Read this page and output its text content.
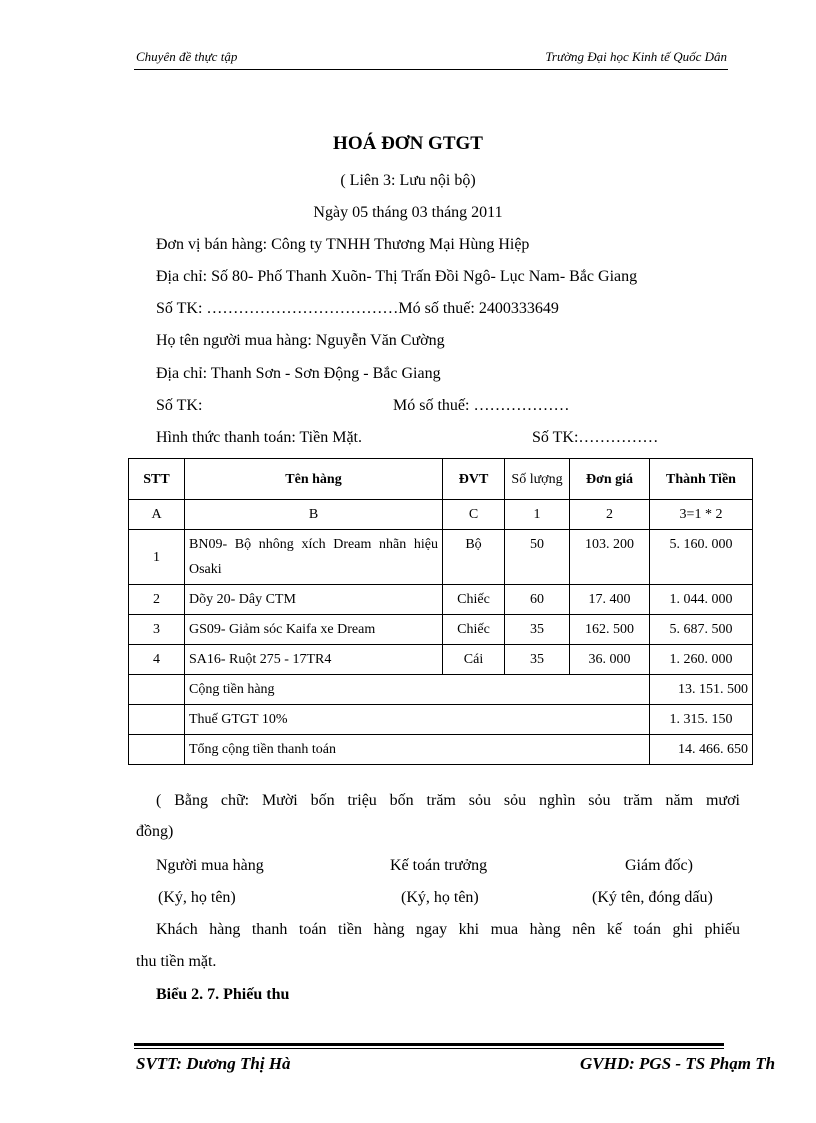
Chuyên đề thực tập	Trường Đại học Kinh tế Quốc Dân
HOÁ ĐƠN GTGT
( Liên 3: Lưu nội bộ)
Ngày 05 tháng 03 tháng 2011
Đơn vị bán hàng: Công ty TNHH Thương Mại Hùng Hiệp
Địa chỉ: Số 80- Phố Thanh Xuõn- Thị Trấn Đồi Ngô- Lục Nam- Bắc Giang
Số TK: ………………………………Mó số thuế: 2400333649
Họ tên người mua hàng: Nguyễn Văn Cường
Địa chỉ: Thanh Sơn - Sơn Động - Bắc Giang
Số TK:	Mó số thuế: ………………
Hình thức thanh toán: Tiền Mặt.	Số TK:……………
STT	Tên hàng	ĐVT	Số lượng	Đơn giá	Thành Tiền
A	B	C	1	2	3=1 * 2
1	BN09- Bộ nhông xích Dream nhãn hiệu Osaki	Bộ	50	103. 200	5. 160. 000
2	Dõy 20- Dây CTM	Chiếc	60	17. 400	1. 044. 000
3	GS09- Giảm sóc Kaifa xe Dream	Chiếc	35	162. 500	5. 687. 500
4	SA16- Ruột 275 - 17TR4	Cái	35	36. 000	1. 260. 000
	Cộng tiền hàng				13. 151. 500
	Thuế GTGT 10%				1. 315. 150
	Tổng cộng tiền thanh toán				14. 466. 650
( Bằng chữ: Mười bốn triệu bốn trăm sỏu sỏu nghìn sỏu trăm năm mươi
đồng)
Người mua hàng	Kế toán trưởng	Giám đốc)
(Ký, họ tên)	(Ký, họ tên)	(Ký tên, đóng dấu)
Khách hàng thanh toán tiền hàng ngay khi mua hàng nên kế toán ghi phiếu
thu tiền mặt.
Biểu 2. 7. Phiếu thu
SVTT: Dương Thị Hà	GVHD: PGS - TS Phạm Th
